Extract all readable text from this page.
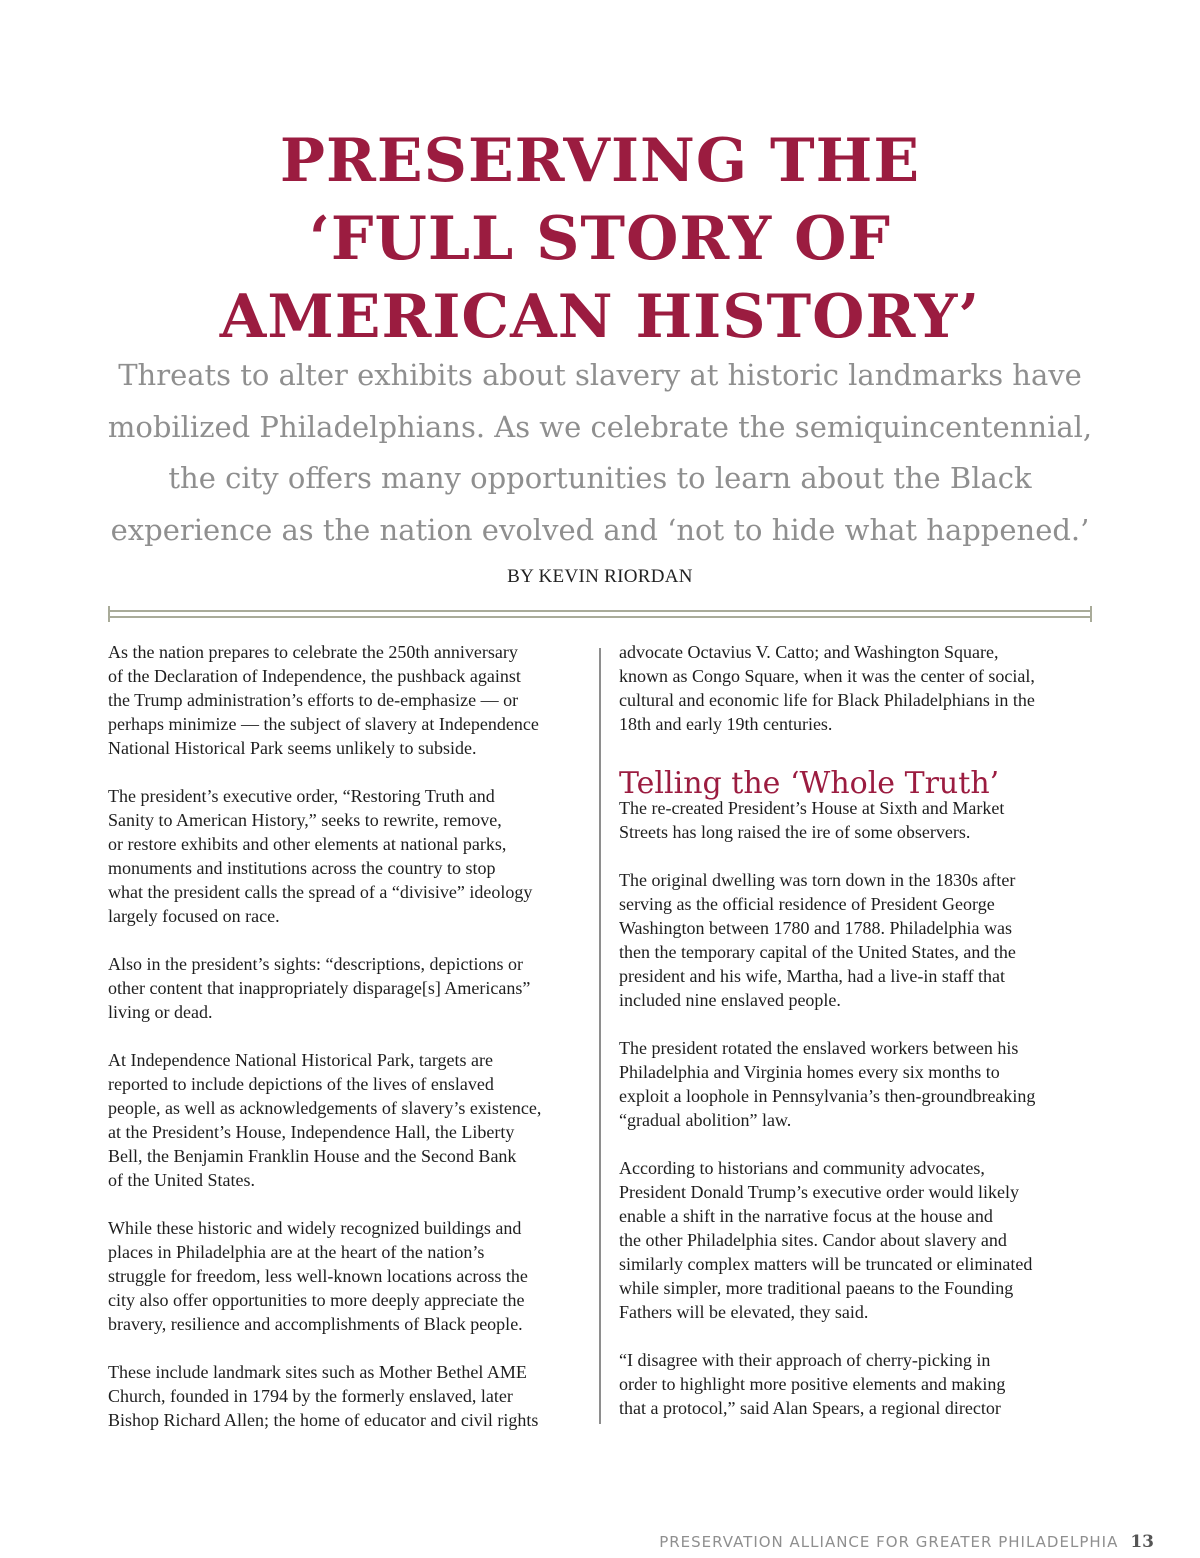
PRESERVING THE
‘FULL STORY OF
AMERICAN HISTORY’
Threats to alter exhibits about slavery at historic landmarks have
mobilized Philadelphians. As we celebrate the semiquincentennial,
the city offers many opportunities to learn about the Black
experience as the nation evolved and ‘not to hide what happened.’
BY KEVIN RIORDAN
As the nation prepares to celebrate the 250th anniversary
of the Declaration of Independence, the pushback against
the Trump administration’s efforts to de-emphasize — or
perhaps minimize — the subject of slavery at Independence
National Historical Park seems unlikely to subside.
The president’s executive order, “Restoring Truth and
Sanity to American History,” seeks to rewrite, remove,
or restore exhibits and other elements at national parks,
monuments and institutions across the country to stop
what the president calls the spread of a “divisive” ideology
largely focused on race.
Also in the president’s sights: “descriptions, depictions or
other content that inappropriately disparage[s] Americans”
living or dead.
At Independence National Historical Park, targets are
reported to include depictions of the lives of enslaved
people, as well as acknowledgements of slavery’s existence,
at the President’s House, Independence Hall, the Liberty
Bell, the Benjamin Franklin House and the Second Bank
of the United States.
While these historic and widely recognized buildings and
places in Philadelphia are at the heart of the nation’s
struggle for freedom, less well-known locations across the
city also offer opportunities to more deeply appreciate the
bravery, resilience and accomplishments of Black people.
These include landmark sites such as Mother Bethel AME
Church, founded in 1794 by the formerly enslaved, later
Bishop Richard Allen; the home of educator and civil rights
advocate Octavius V. Catto; and Washington Square,
known as Congo Square, when it was the center of social,
cultural and economic life for Black Philadelphians in the
18th and early 19th centuries.
Telling the ‘Whole Truth’
The re-created President’s House at Sixth and Market
Streets has long raised the ire of some observers.
The original dwelling was torn down in the 1830s after
serving as the official residence of President George
Washington between 1780 and 1788. Philadelphia was
then the temporary capital of the United States, and the
president and his wife, Martha, had a live-in staff that
included nine enslaved people.
The president rotated the enslaved workers between his
Philadelphia and Virginia homes every six months to
exploit a loophole in Pennsylvania’s then-groundbreaking
“gradual abolition” law.
According to historians and community advocates,
President Donald Trump’s executive order would likely
enable a shift in the narrative focus at the house and
the other Philadelphia sites. Candor about slavery and
similarly complex matters will be truncated or eliminated
while simpler, more traditional paeans to the Founding
Fathers will be elevated, they said.
“I disagree with their approach of cherry-picking in
order to highlight more positive elements and making
that a protocol,” said Alan Spears, a regional director
PRESERVATION ALLIANCE FOR GREATER PHILADELPHIA 13
